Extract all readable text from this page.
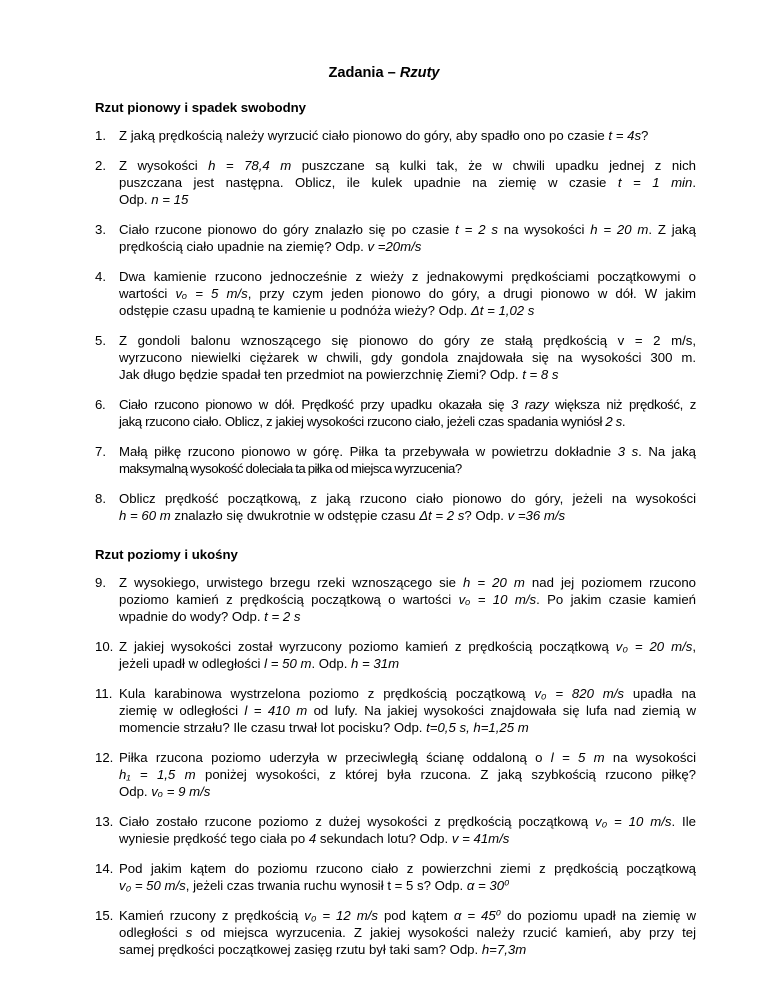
Zadania – Rzuty
Rzut pionowy i spadek swobodny
1. Z jaką prędkością należy wyrzucić ciało pionowo do góry, aby spadło ono po czasie t = 4s?
2. Z wysokości h = 78,4 m puszczane są kulki tak, że w chwili upadku jednej z nich
puszczana jest następna. Oblicz, ile kulek upadnie na ziemię w czasie t = 1 min.
Odp. n = 15
3. Ciało rzucone pionowo do góry znalazło się po czasie t = 2 s na wysokości h = 20 m. Z jaką
prędkością ciało upadnie na ziemię? Odp. v =20m/s
4. Dwa kamienie rzucono jednocześnie z wieży z jednakowymi prędkościami początkowymi o
wartości vₒ = 5 m/s, przy czym jeden pionowo do góry, a drugi pionowo w dół. W jakim
odstępie czasu upadną te kamienie u podnóża wieży? Odp. Δt = 1,02 s
5. Z gondoli balonu wznoszącego się pionowo do góry ze stałą prędkością v = 2 m/s,
wyrzucono niewielki ciężarek w chwili, gdy gondola znajdowała się na wysokości 300 m.
Jak długo będzie spadał ten przedmiot na powierzchnię Ziemi? Odp. t = 8 s
6. Ciało rzucono pionowo w dół. Prędkość przy upadku okazała się 3 razy większa niż prędkość, z
jaką rzucono ciało. Oblicz, z jakiej wysokości rzucono ciało, jeżeli czas spadania wyniósł 2 s.
7. Małą piłkę rzucono pionowo w górę. Piłka ta przebywała w powietrzu dokładnie 3 s. Na jaką
maksymalną wysokość doleciała ta piłka od miejsca wyrzucenia?
8. Oblicz prędkość początkową, z jaką rzucono ciało pionowo do góry, jeżeli na wysokości
h = 60 m znalazło się dwukrotnie w odstępie czasu Δt = 2 s? Odp. v =36 m/s
Rzut poziomy i ukośny
9. Z wysokiego, urwistego brzegu rzeki wznoszącego sie h = 20 m nad jej poziomem rzucono
poziomo kamień z prędkością początkową o wartości vₒ = 10 m/s. Po jakim czasie kamień
wpadnie do wody? Odp. t = 2 s
10. Z jakiej wysokości został wyrzucony poziomo kamień z prędkością początkową v₀ = 20 m/s,
jeżeli upadł w odległości l = 50 m. Odp. h = 31m
11. Kula karabinowa wystrzelona poziomo z prędkością początkową v₀ = 820 m/s upadła na
ziemię w odległości l = 410 m od lufy. Na jakiej wysokości znajdowała się lufa nad ziemią w
momencie strzału? Ile czasu trwał lot pocisku? Odp. t=0,5 s, h=1,25 m
12. Piłka rzucona poziomo uderzyła w przeciwległą ścianę oddaloną o l = 5 m na wysokości
h₁ = 1,5 m poniżej wysokości, z której była rzucona. Z jaką szybkością rzucono piłkę?
Odp. vₒ = 9 m/s
13. Ciało zostało rzucone poziomo z dużej wysokości z prędkością początkową v₀ = 10 m/s. Ile
wyniesie prędkość tego ciała po 4 sekundach lotu? Odp. v = 41m/s
14. Pod jakim kątem do poziomu rzucono ciało z powierzchni ziemi z prędkością początkową
v₀ = 50 m/s, jeżeli czas trwania ruchu wynosił t = 5 s? Odp. α = 30⁰
15. Kamień rzucony z prędkością v₀ = 12 m/s pod kątem α = 45⁰ do poziomu upadł na ziemię w
odległości s od miejsca wyrzucenia. Z jakiej wysokości należy rzucić kamień, aby przy tej
samej prędkości początkowej zasięg rzutu był taki sam? Odp. h=7,3m
